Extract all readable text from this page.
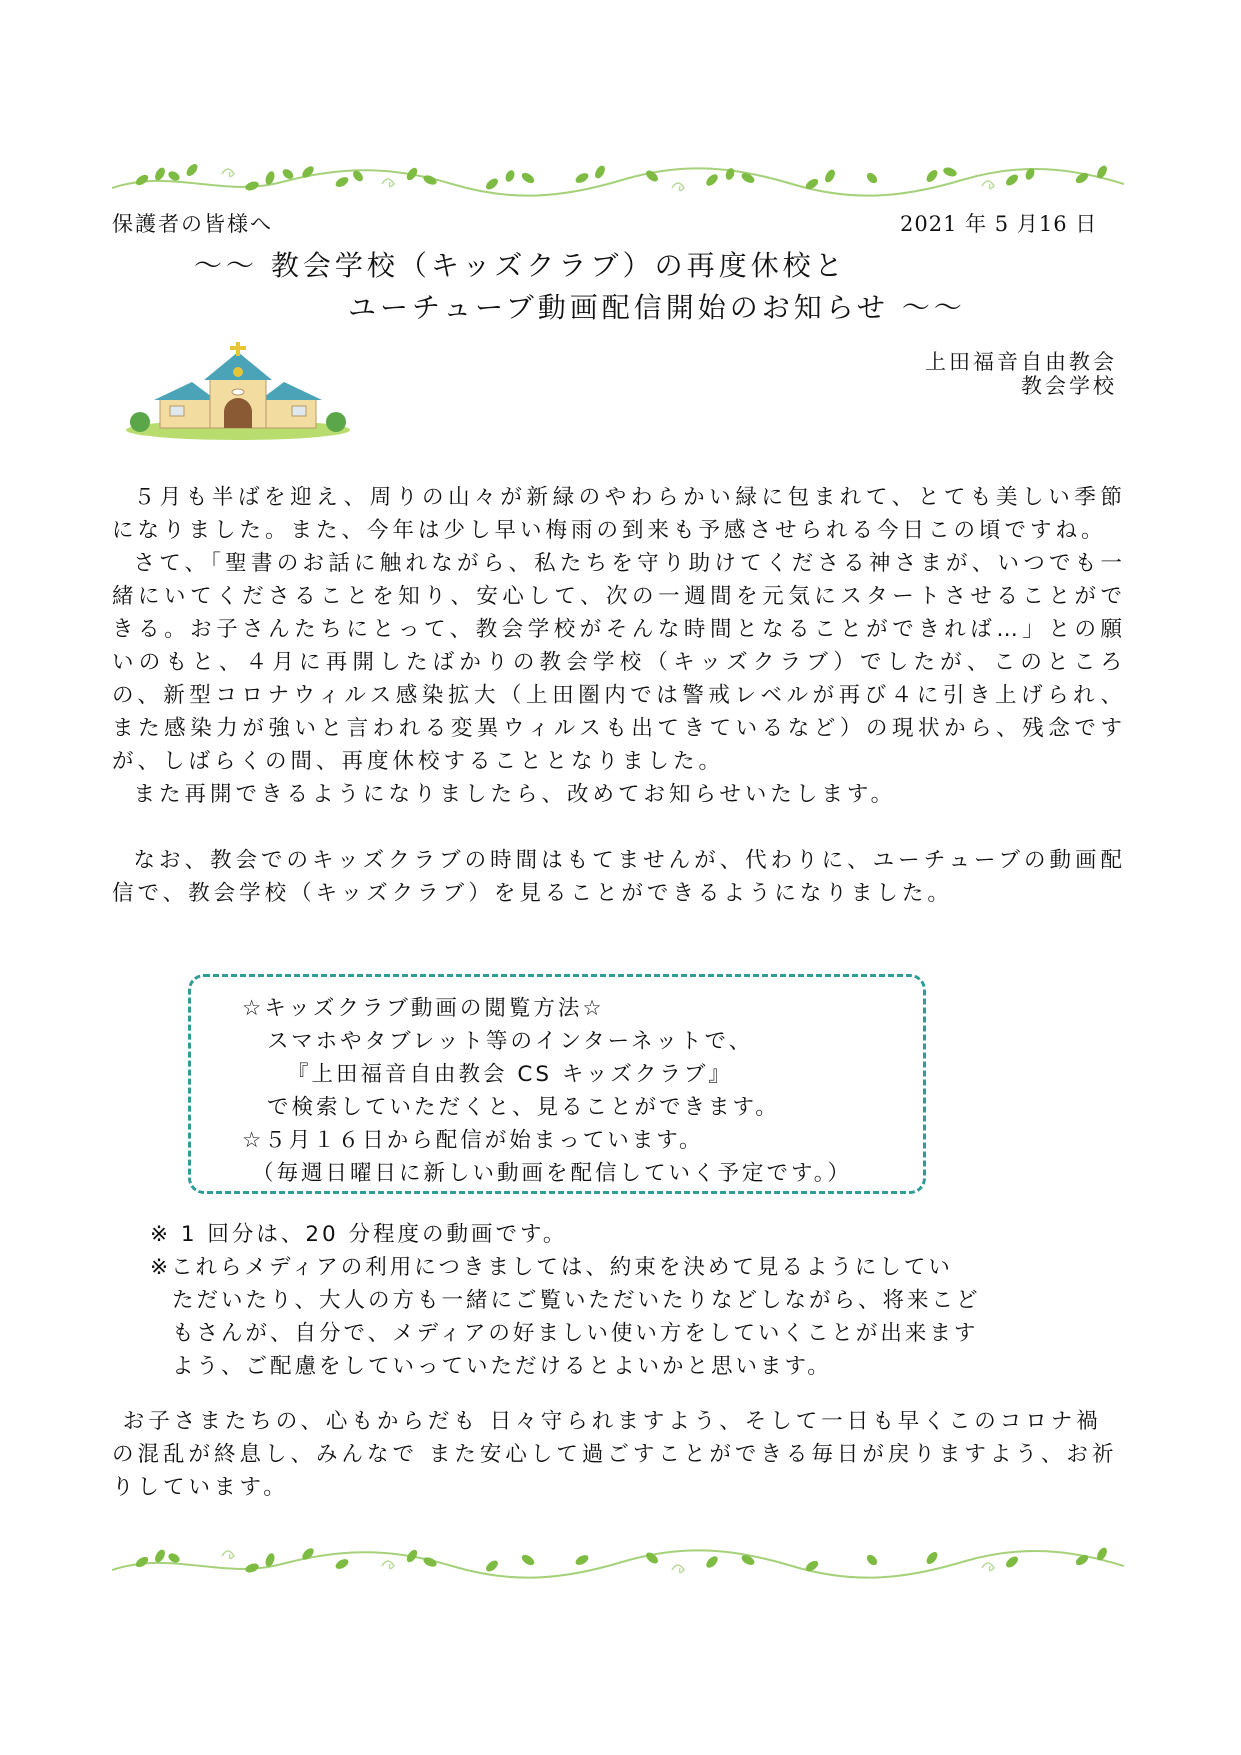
保護者の皆様へ	2021 年 5 月16 日
～～ 教会学校（キッズクラブ）の再度休校と
ユーチューブ動画配信開始のお知らせ ～～
上田福音自由教会
教会学校

５月も半ばを迎え、周りの山々が新緑のやわらかい緑に包まれて、とても美しい季節になりました。また、今年は少し早い梅雨の到来も予感させられる今日この頃ですね。

さて、「聖書のお話に触れながら、私たちを守り助けてくださる神さまが、いつでも一緒にいてくださることを知り、安心して、次の一週間を元気にスタートさせることができる。お子さんたちにとって、教会学校がそんな時間となることができれば…」との願いのもと、４月に再開したばかりの教会学校（キッズクラブ）でしたが、このところの、新型コロナウィルス感染拡大（上田圏内では警戒レベルが再び４に引き上げられ、また感染力が強いと言われる変異ウィルスも出てきているなど）の現状から、残念ですが、しばらくの間、再度休校することとなりました。

また再開できるようになりましたら、改めてお知らせいたします。

なお、教会でのキッズクラブの時間はもてませんが、代わりに、ユーチューブの動画配信で、教会学校（キッズクラブ）を見ることができるようになりました。

☆キッズクラブ動画の閲覧方法☆
スマホやタブレット等のインターネットで、
『上田福音自由教会 CS キッズクラブ』
で検索していただくと、見ることができます。
☆５月１６日から配信が始まっています。
（毎週日曜日に新しい動画を配信していく予定です。）

※ 1 回分は、20 分程度の動画です。

※これらメディアの利用につきましては、約束を決めて見るようにしてい

ただいたり、大人の方も一緒にご覧いただいたりなどしながら、将来こど

もさんが、自分で、メディアの好ましい使い方をしていくことが出来ます

よう、ご配慮をしていっていただけるとよいかと思います。

お子さまたちの、心もからだも 日々守られますよう、そして一日も早くこのコロナ禍の混乱が終息し、みんなで また安心して過ごすことができる毎日が戻りますよう、お祈りしています。
